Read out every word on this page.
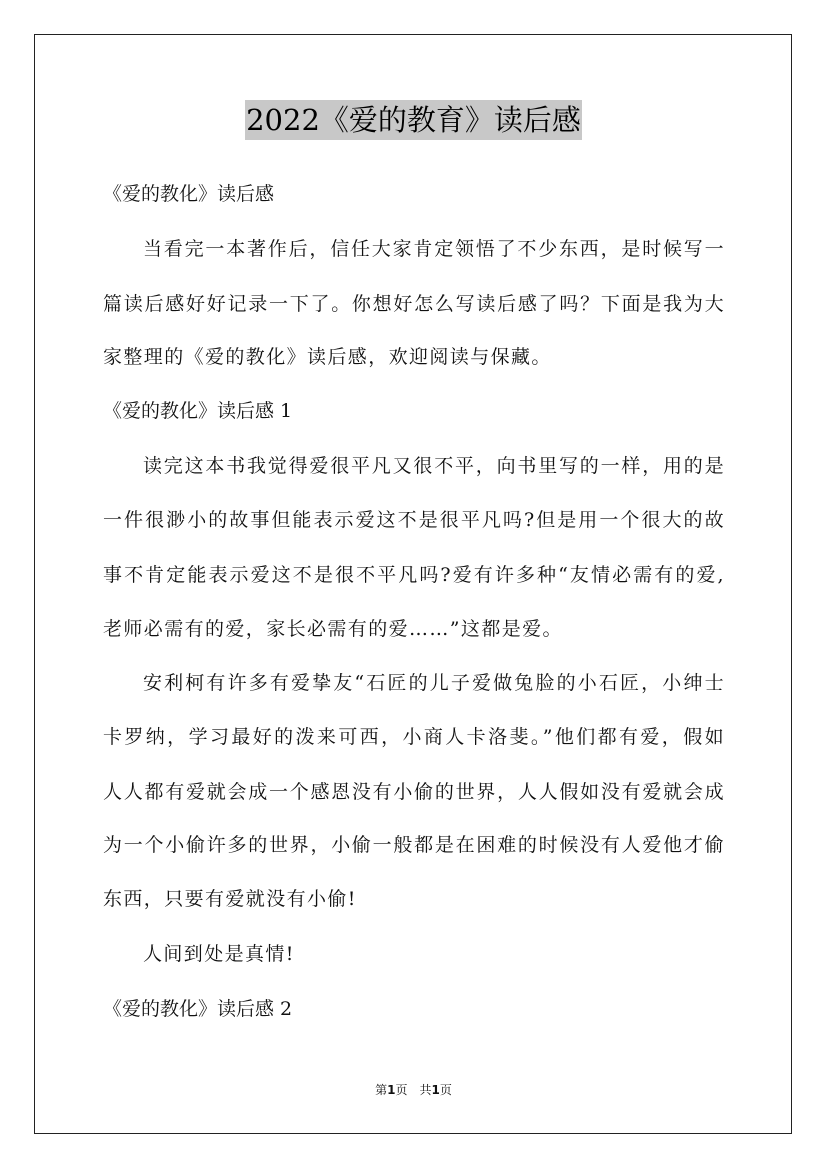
2022《爱的教育》读后感
《爱的教化》读后感
当看完一本著作后，信任大家肯定领悟了不少东西，是时候写一
篇读后感好好记录一下了。你想好怎么写读后感了吗？下面是我为大
家整理的《爱的教化》读后感，欢迎阅读与保藏。
《爱的教化》读后感 1
读完这本书我觉得爱很平凡又很不平，向书里写的一样，用的是
一件很渺小的故事但能表示爱这不是很平凡吗?但是用一个很大的故
事不肯定能表示爱这不是很不平凡吗?爱有许多种“友情必需有的爱,
老师必需有的爱，家长必需有的爱……”这都是爱。
安利柯有许多有爱挚友“石匠的儿子爱做兔脸的小石匠，小绅士
卡罗纳，学习最好的泼来可西，小商人卡洛斐。”他们都有爱，假如
人人都有爱就会成一个感恩没有小偷的世界，人人假如没有爱就会成
为一个小偷许多的世界，小偷一般都是在困难的时候没有人爱他才偷
东西，只要有爱就没有小偷!
人间到处是真情!
《爱的教化》读后感 2
第1页　共1页
